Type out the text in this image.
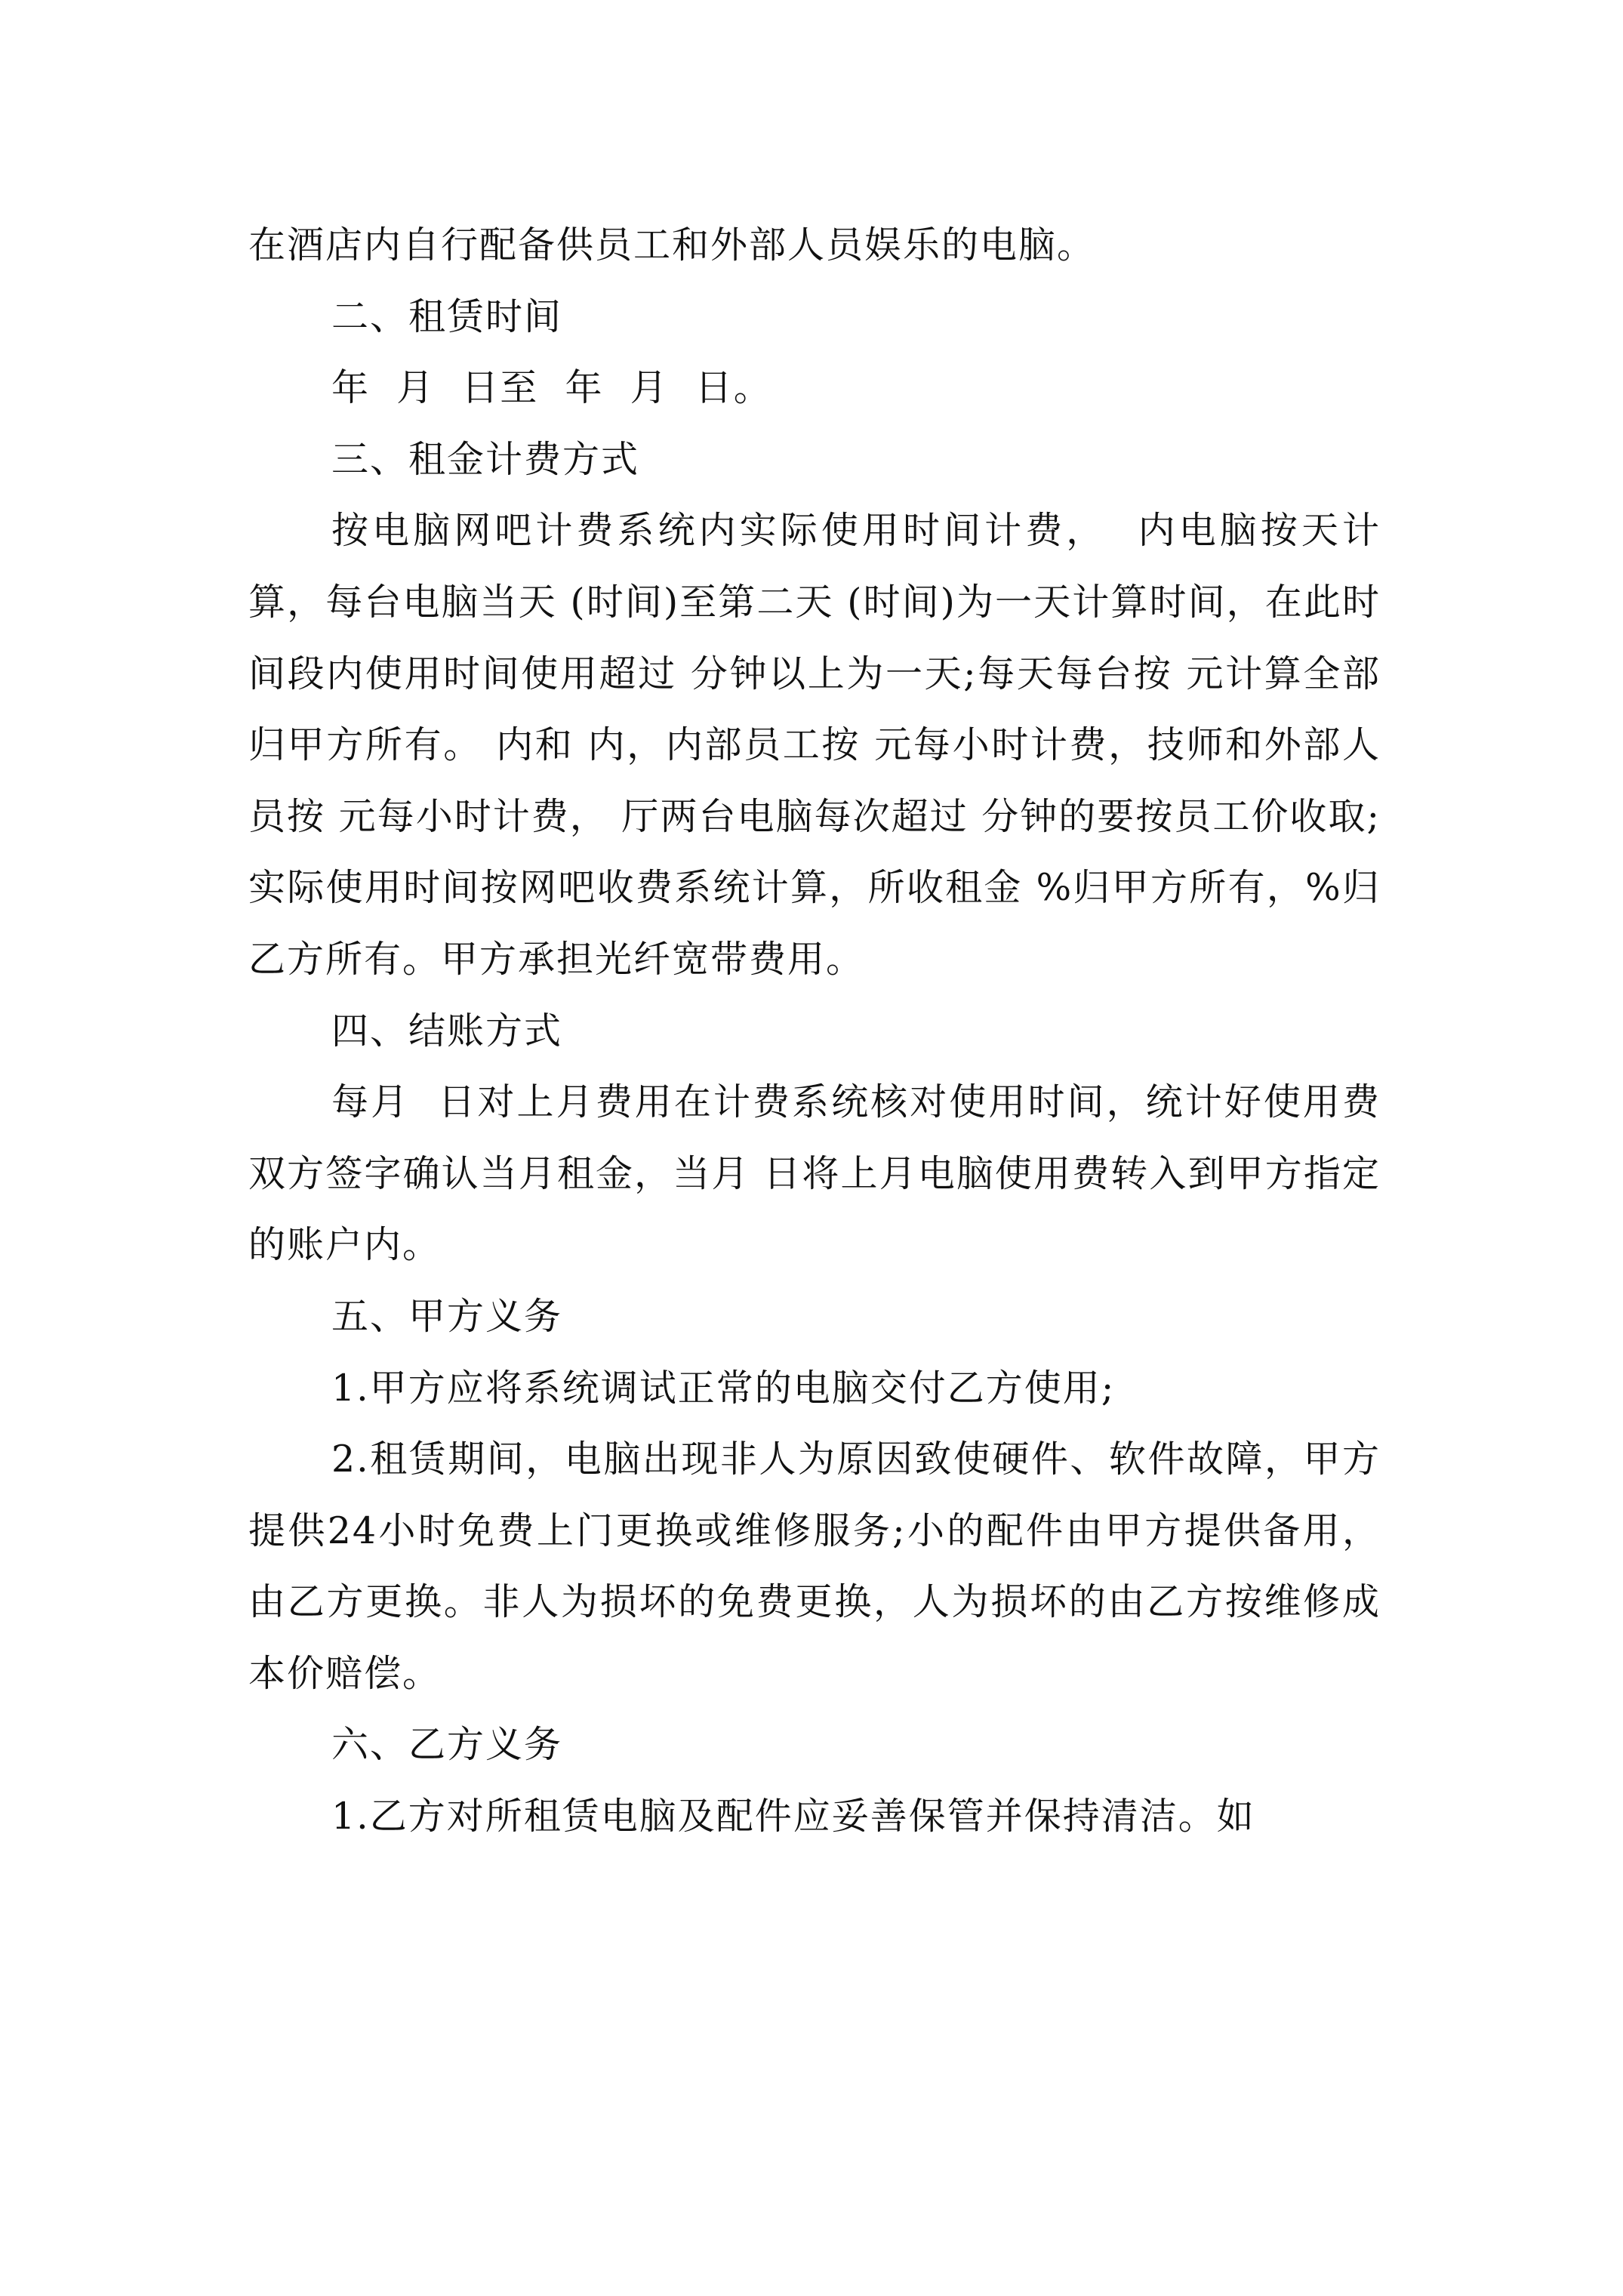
在酒店内自行配备供员工和外部人员娱乐的电脑。

二、租赁时间

年  月  日至  年  月  日。

三、租金计费方式

按电脑网吧计费系统内实际使用时间计费，  内电脑按天计算，每台电脑当天 (时间)至第二天 (时间)为一天计算时间，在此时间段内使用时间使用超过 分钟以上为一天;每天每台按 元计算全部归甲方所有。 内和 内，内部员工按 元每小时计费，技师和外部人员按 元每小时计费， 厅两台电脑每次超过 分钟的要按员工价收取;实际使用时间按网吧收费系统计算，所收租金 %归甲方所有，%归乙方所有。甲方承担光纤宽带费用。

四、结账方式

每月  日对上月费用在计费系统核对使用时间，统计好使用费双方签字确认当月租金，当月 日将上月电脑使用费转入到甲方指定的账户内。

五、甲方义务

1.甲方应将系统调试正常的电脑交付乙方使用;

2.租赁期间，电脑出现非人为原因致使硬件、软件故障，甲方提供24小时免费上门更换或维修服务;小的配件由甲方提供备用，由乙方更换。非人为损坏的免费更换，人为损坏的由乙方按维修成本价赔偿。

六、乙方义务

1.乙方对所租赁电脑及配件应妥善保管并保持清洁。如
